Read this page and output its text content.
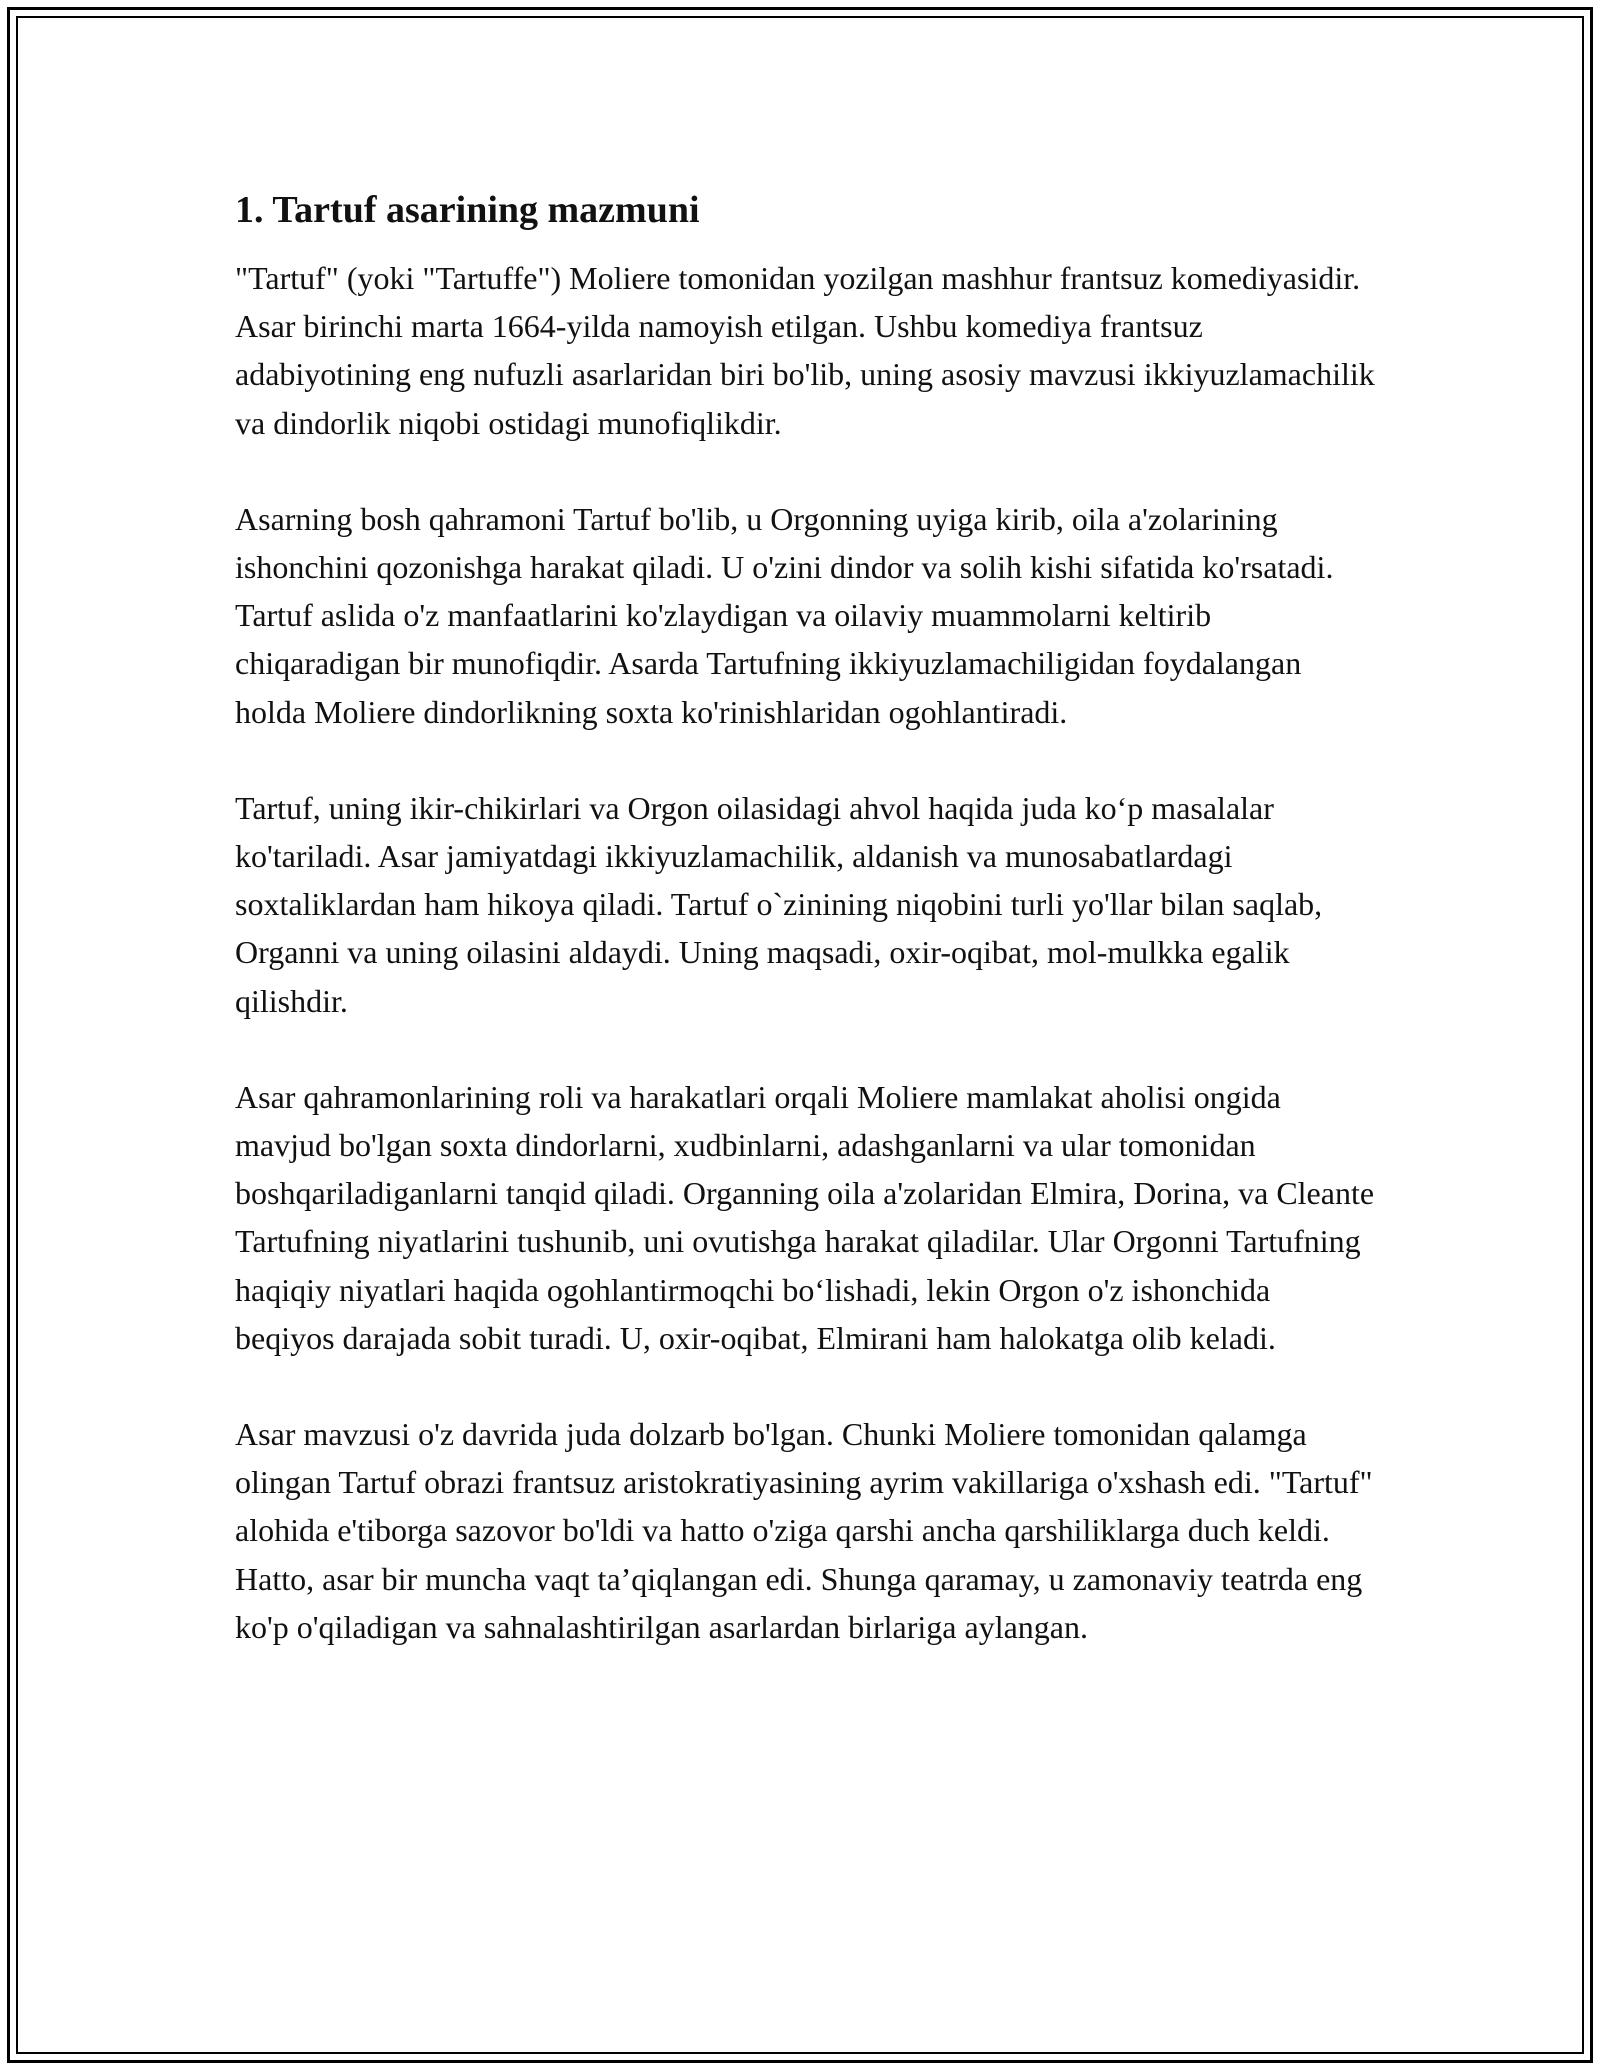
1. Tartuf asarining mazmuni

"Tartuf" (yoki "Tartuffe") Moliere tomonidan yozilgan mashhur frantsuz komediyasidir. Asar birinchi marta 1664-yilda namoyish etilgan. Ushbu komediya frantsuz adabiyotining eng nufuzli asarlaridan biri bo'lib, uning asosiy mavzusi ikkiyuzlamachilik va dindorlik niqobi ostidagi munofiqlikdir.

Asarning bosh qahramoni Tartuf bo'lib, u Orgonning uyiga kirib, oila a'zolarining ishonchini qozonishga harakat qiladi. U o'zini dindor va solih kishi sifatida ko'rsatadi. Tartuf aslida o'z manfaatlarini ko'zlaydigan va oilaviy muammolarni keltirib chiqaradigan bir munofiqdir. Asarda Tartufning ikkiyuzlamachiligidan foydalangan holda Moliere dindorlikning soxta ko'rinishlaridan ogohlantiradi.

Tartuf, uning ikir-chikirlari va Orgon oilasidagi ahvol haqida juda ko‘p masalalar ko'tariladi. Asar jamiyatdagi ikkiyuzlamachilik, aldanish va munosabatlardagi soxtaliklardan ham hikoya qiladi. Tartuf o`zinining niqobini turli yo'llar bilan saqlab, Organni va uning oilasini aldaydi. Uning maqsadi, oxir-oqibat, mol-mulkka egalik qilishdir.

Asar qahramonlarining roli va harakatlari orqali Moliere mamlakat aholisi ongida mavjud bo'lgan soxta dindorlarni, xudbinlarni, adashganlarni va ular tomonidan boshqariladiganlarni tanqid qiladi. Organning oila a'zolaridan Elmira, Dorina, va Cleante Tartufning niyatlarini tushunib, uni ovutishga harakat qiladilar. Ular Orgonni Tartufning haqiqiy niyatlari haqida ogohlantirmoqchi bo‘lishadi, lekin Orgon o'z ishonchida beqiyos darajada sobit turadi. U, oxir-oqibat, Elmirani ham halokatga olib keladi.

Asar mavzusi o'z davrida juda dolzarb bo'lgan. Chunki Moliere tomonidan qalamga olingan Tartuf obrazi frantsuz aristokratiyasining ayrim vakillariga o'xshash edi. "Tartuf" alohida e'tiborga sazovor bo'ldi va hatto o'ziga qarshi ancha qarshiliklarga duch keldi. Hatto, asar bir muncha vaqt ta’qiqlangan edi. Shunga qaramay, u zamonaviy teatrda eng ko'p o'qiladigan va sahnalashtirilgan asarlardan birlariga aylangan.
